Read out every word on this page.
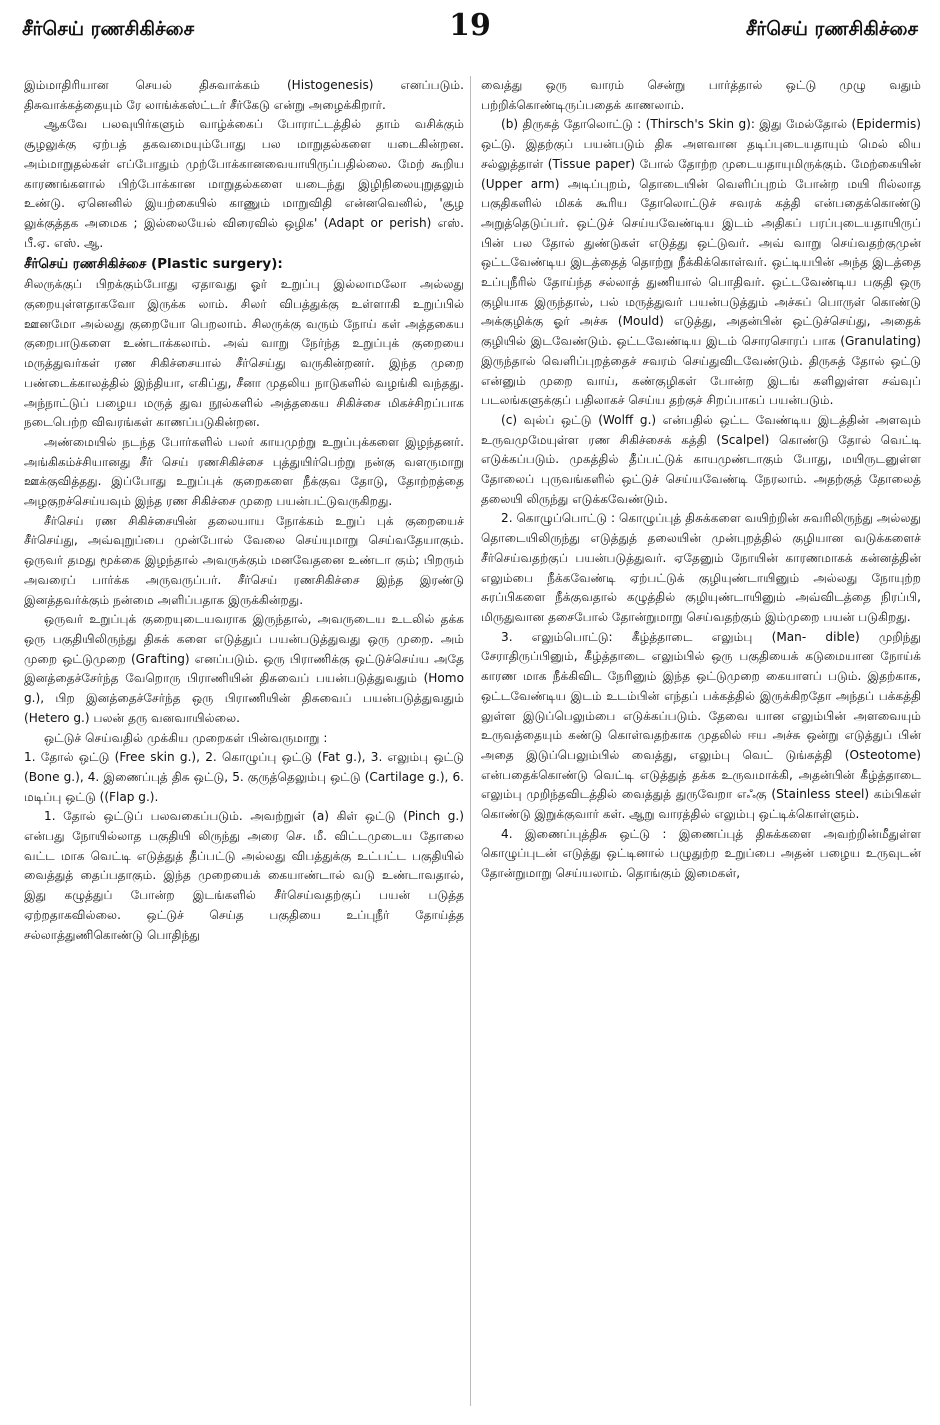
சீர்செய் ரணசிகிச்சை	19	சீர்செய் ரணசிகிச்சை

இம்மாதிரியான செயல் திசுவாக்கம் (Histogenesis) எனப்படும். திசுவாக்கத்தையும் ரே லாங்க்கஸ்ட்டர் சீர்கேடு என்று அழைக்கிறார்.

ஆகவே பலவுயிர்களும் வாழ்க்கைப் போராட்டத்தில் தாம் வசிக்கும் சூழலுக்கு ஏற்பத் தகவமையும்போது பல மாறுதல்களை யடைகின்றன. அம்மாறுதல்கள் எப்போதும் முற்போக்கானவையாயிருப்பதில்லை. மேற் கூறிய காரணங்களால் பிற்போக்கான மாறுதல்களை யடைந்து இழிநிலையுறுதலும் உண்டு. ஏனெனில் இயற்கையில் காணும் மாறுவிதி என்னவெனில், 'சூழ லுக்குத்தக அமைக ; இல்லையேல் விரைவில் ஒழிக' (Adapt or perish) எஸ். பீ.ஏ. எஸ். ஆ.

சீர்செய் ரணசிகிச்சை (Plastic surgery):

சிலருக்குப் பிறக்கும்போது ஏதாவது ஓர் உறுப்பு இல்லாமலோ அல்லது குறையுள்ளதாகவோ இருக்க லாம். சிலர் விபத்துக்கு உள்ளாகி உறுப்பில் ஊனமோ அல்லது குறையோ பெறலாம். சிலருக்கு வரும் நோய் கள் அத்தகைய குறைபாடுகளை உண்டாக்கலாம். அவ் வாறு நேர்ந்த உறுப்புக் குறையை மருத்துவர்கள் ரண சிகிச்சையால் சீர்செய்து வருகின்றனர். இந்த முறை பண்டைக்காலத்தில் இந்தியா, எகிப்து, சீனா முதலிய நாடுகளில் வழங்கி வந்தது. அந்நாட்டுப் பழைய மருத் துவ நூல்களில் அத்தகைய சிகிச்சை மிகச்சிறப்பாக நடைபெற்ற விவரங்கள் காணப்படுகின்றன.

அண்மையில் நடந்த போர்களில் பலர் காயமுற்று உறுப்புக்களை இழந்தனர். அங்கிகம்ச்சியானது சீர் செய் ரணசிகிச்சை புத்துயிர்பெற்று நன்கு வளருமாறு ஊக்குவித்தது. இப்போது உறுப்புக் குறைகளை நீக்குவ தோடு, தோற்றத்தை அழகுறச்செய்யவும் இந்த ரண சிகிச்சை முறை பயன்பட்டுவருகிறது.

சீர்செய் ரண சிகிச்சையின் தலையாய நோக்கம் உறுப் புக் குறையைச் சீர்செய்து, அவ்வுறுப்பை முன்போல் வேலை செய்யுமாறு செய்வதேயாகும். ஒருவர் தமது மூக்கை இழந்தால் அவருக்கும் மனவேதனை உண்டா கும்; பிறரும் அவரைப் பார்க்க அருவருப்பர். சீர்செய் ரணசிகிச்சை இந்த இரண்டு இனத்தவர்க்கும் நன்மை அளிப்பதாக இருக்கின்றது.

ஒருவர் உறுப்புக் குறையுடையவராக இருந்தால், அவருடைய உடலில் தக்க ஒரு பகுதியிலிருந்து திசுக் களை எடுத்துப் பயன்படுத்துவது ஒரு முறை. அம் முறை ஒட்டுமுறை (Grafting) எனப்படும். ஒரு பிராணிக்கு ஒட்டுச்செய்ய அதே இனத்தைச்சேர்ந்த வேறொரு பிராணியின் திசுவைப் பயன்படுத்துவதும் (Homo g.), பிற இனத்தைச்சேர்ந்த ஒரு பிராணியின் திசுவைப் பயன்படுத்துவதும் (Hetero g.) பலன் தரு வனவாயில்லை.

ஒட்டுச் செய்வதில் முக்கிய முறைகள் பின்வருமாறு :

1. தோல் ஒட்டு (Free skin g.), 2. கொழுப்பு ஒட்டு (Fat g.), 3. எலும்பு ஒட்டு (Bone g.), 4. இணைப்புத் திசு ஒட்டு, 5. குருத்தெலும்பு ஒட்டு (Cartilage g.), 6. மடிப்பு ஒட்டு ((Flap g.).

1. தோல் ஒட்டுப் பலவகைப்படும். அவற்றுள் (a) கிள் ஒட்டு (Pinch g.) என்பது நோயில்லாத பகுதியி லிருந்து அரை செ. மீ. விட்டமுடைய தோலை வட்ட மாக வெட்டி எடுத்துத் தீப்பட்டு அல்லது விபத்துக்கு உட்பட்ட பகுதியில் வைத்துத் தைப்பதாகும். இந்த முறையைக் கையாண்டால் வடு உண்டாவதால், இது கழுத்துப் போன்ற இடங்களில் சீர்செய்வதற்குப் பயன் படுத்த ஏற்றதாகவில்லை. ஒட்டுச் செய்த பகுதியை உப்புநீர் தோய்த்த சல்லாத்துணிகொண்டு பொதிந்து

வைத்து ஒரு வாரம் சென்று பார்த்தால் ஒட்டு முழு வதும் பற்றிக்கொண்டிருப்பதைக் காணலாம்.

(b) திருசுத் தோலொட்டு : (Thirsch's Skin g): இது மேல்தோல் (Epidermis) ஒட்டு. இதற்குப் பயன்படும் திசு அளவான தடிப்புடையதாயும் மெல் லிய சல்லுத்தாள் (Tissue paper) போல் தோற்ற முடையதாயுமிருக்கும். மேற்கையின் (Upper arm) அடிப்புறம், தொடையின் வெளிப்புறம் போன்ற மயி ரில்லாத பகுதிகளில் மிகக் கூரிய தோலொட்டுச் சவரக் கத்தி என்பதைக்கொண்டு அறுத்தெடுப்பர். ஒட்டுச் செய்யவேண்டிய இடம் அதிகப் பரப்புடையதாயிருப் பின் பல தோல் துண்டுகள் எடுத்து ஒட்டுவர். அவ் வாறு செய்வதற்குமுன் ஒட்டவேண்டிய இடத்தைத் தொற்று நீக்கிக்கொள்வர். ஒட்டியபின் அந்த இடத்தை உப்புநீரில் தோய்ந்த சல்லாத் துணியால் பொதிவர். ஒட்டவேண்டிய பகுதி ஒரு குழியாக இருந்தால், பல் மருத்துவர் பயன்படுத்தும் அச்சுப் பொருள் கொண்டு அக்குழிக்கு ஓர் அச்சு (Mould) எடுத்து, அதன்பின் ஒட்டுச்செய்து, அதைக் குழியில் இடவேண்டும். ஒட்டவேண்டிய இடம் சொரசொரப் பாக (Granulating) இருந்தால் வெளிப்புறத்தைச் சவரம் செய்துவிடவேண்டும். திருசுத் தோல் ஒட்டு என்னும் முறை வாய், கண்குழிகள் போன்ற இடங் களிலுள்ள சவ்வுப் படலங்களுக்குப் பதிலாகச் செய்ய தற்குச் சிறப்பாகப் பயன்படும்.

(c) வுல்ப் ஒட்டு (Wolff g.) என்பதில் ஒட்ட வேண்டிய இடத்தின் அளவும் உருவமுமேயுள்ள ரண சிகிச்சைக் கத்தி (Scalpel) கொண்டு தோல் வெட்டி எடுக்கப்படும். முகத்தில் தீப்பட்டுக் காயமுண்டாகும் போது, மயிருடனுள்ள தோலைப் புருவங்களில் ஒட்டுச் செய்யவேண்டி நேரலாம். அதற்குத் தோலைத் தலையி லிருந்து எடுக்கவேண்டும்.

2. கொழுப்பொட்டு : கொழுப்புத் திசுக்களை வயிற்றின் சுவரிலிருந்து அல்லது தொடையிலிருந்து எடுத்துத் தலையின் முன்புறத்தில் குழியான வடுக்களைச் சீர்செய்வதற்குப் பயன்படுத்துவர். ஏதேனும் நோயின் காரணமாகக் கன்னத்தின் எலும்பை நீக்கவேண்டி ஏற்பட்டுக் குழியுண்டாயினும் அல்லது நோயுற்ற சுரப்பிகளை நீக்குவதால் கழுத்தில் குழியுண்டாயினும் அவ்விடத்தை நிரப்பி, மிருதுவான தசைபோல் தோன்றுமாறு செய்வதற்கும் இம்முறை பயன் படுகிறது.

3. எலும்பொட்டு: கீழ்த்தாடை எலும்பு (Man- dible) முறிந்து சேராதிருப்பினும், கீழ்த்தாடை எலும்பில் ஒரு பகுதியைக் கடுமையான நோய்க் காரண மாக நீக்கிவிட நேரினும் இந்த ஒட்டுமுறை கையாளப் படும். இதற்காக, ஒட்டவேண்டிய இடம் உடம்பின் எந்தப் பக்கத்தில் இருக்கிறதோ அந்தப் பக்கத்தி லுள்ள இடுப்பெலும்பை எடுக்கப்படும். தேவை யான எலும்பின் அளவையும் உருவத்தையும் கண்டு கொள்வதற்காக முதலில் ஈய அச்சு ஒன்று எடுத்துப் பின் அதை இடுப்பெலும்பில் வைத்து, எலும்பு வெட் டுங்கத்தி (Osteotome) என்பதைக்கொண்டு வெட்டி எடுத்துத் தக்க உருவமாக்கி, அதன்பின் கீழ்த்தாடை எலும்பு முறிந்தவிடத்தில் வைத்துத் துருவேறா எஃகு (Stainless steel) கம்பிகள் கொண்டு இறுக்குவார் கள். ஆறு வாரத்தில் எலும்பு ஒட்டிக்கொள்ளும்.

4. இணைப்புத்திசு ஒட்டு : இணைப்புத் திசுக்களை அவற்றின்மீதுள்ள கொழுப்புடன் எடுத்து ஒட்டினால் பழுதுற்ற உறுப்பை அதன் பழைய உருவுடன் தோன்றுமாறு செய்யலாம். தொங்கும் இமைகள்,
